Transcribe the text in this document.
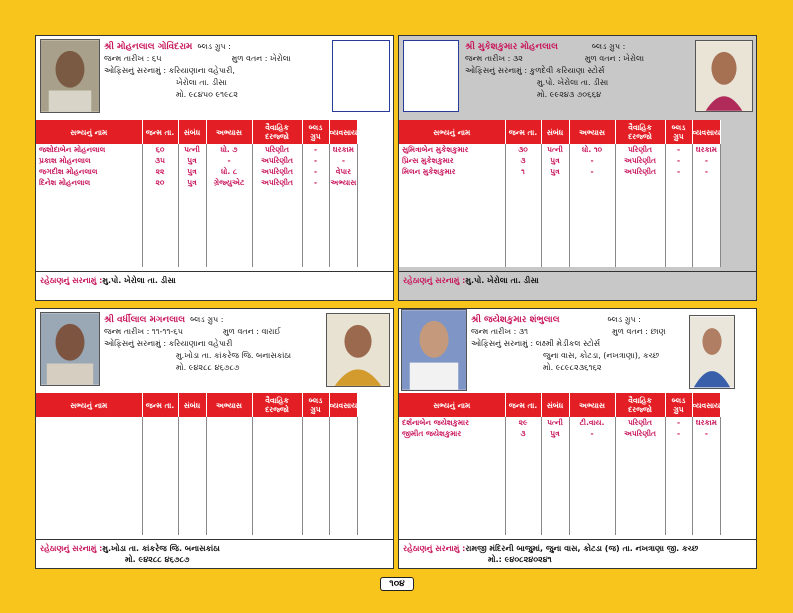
શ્રી મોહનલાલ ગોવિંદરામ બ્લડ ગ્રુપ :
જન્મ તારીખ : ૬૫	મુળ વતન : ખેરોલા
ઓફિસનું સરનામું : કરિયાણાના વહેપારી,
ખેરોલા તા. ડીસા
મો. ૯૮૪૫૦ ૯૧૯૮૨
સભ્યનું નામ	જન્મ તા.	સંબંધ	અભ્યાસ	વૈવાહિક દરજ્જો	બ્લડ ગ્રુપ	વ્યવસાય
જશોદાબેન મોહનલાલ	૬૦	પત્ની	ધો. ૭	પરિણીત	-	ઘરકામ
પ્રકાશ મોહનલાલ	૩૫	પુત્ર	-	અપરિણીત	-	-
જગદીશ મોહનલાલ	૨૨	પુત્ર	ધો. ૮	અપરિણીત	-	વેપાર
દિનેશ મોહનલાલ	૨૦	પુત્ર	ગ્રેજ્યુએટ	અપરિણીત	-	અભ્યાસ

રહેઠાણનું સરનામું :મુ.પો. ખેરોલા તા. ડીસા
શ્રી મુકેશકુમાર મોહનલાલ	બ્લડ ગ્રુપ :
જન્મ તારીખ : ૩૨	મુળ વતન : ખેરોલા
ઓફિસનું સરનામું : કુળદેવી કરિયાણા સ્ટોર્સ
મુ.પો. ખેરોલા તા. ડીસા
મો. ૯૯૨૪૩ ૭૦૬૬૪
સભ્યનું નામ	જન્મ તા.	સંબંધ	અભ્યાસ	વૈવાહિક દરજ્જો	બ્લડ ગ્રુપ	વ્યવસાય
સુમિત્રાબેન મુકેશકુમાર	૩૦	પત્ની	ધો. ૧૦	પરિણીત	-	ઘરકામ
પ્રિન્સ મુકેશકુમાર	૩	પુત્ર	-	અપરિણીત	-	-
મિલન મુકેશકુમાર	૧	પુત્ર	-	અપરિણીત	-	-

રહેઠાણનું સરનામું :મુ.પો. ખેરોલા તા. ડીસા
શ્રી વર્ધીલાલ મગનલાલ બ્લડ ગ્રુપ :
જન્મ તારીખ : ૧૧-૧૧-૬૫	મુળ વતન : વારાઈ
ઓફિસનું સરનામું : કરિયાણાના વહેપારી
મુ.ખોડા તા. કાંકરેજ જિ. બનાસકાંઠા
મો. ૯૪૨૮૮ ૪૬૭૮૭
સભ્યનું નામ	જન્મ તા.	સંબંધ	અભ્યાસ	વૈવાહિક દરજ્જો	બ્લડ ગ્રુપ	વ્યવસાય

રહેઠાણનું સરનામું :મુ.ખોડા તા. કાંકરેજ જિ. બનાસકાંઠા
મો. ૯૪૨૮૮ ૪૬૭૮૭
શ્રી જયેશકુમાર શંભુલાલ	બ્લડ ગ્રુપ :
જન્મ તારીખ : ૩૧	મુળ વતન : છાણ
ઓફિસનું સરનામું : લક્ષ્મી મેડીકલ સ્ટોર્સ
જુના વાસ, કોટડા, (નખત્રાણા), કચ્છ
મો. ૯૮૯૮૨૩૬૧૬૨
સભ્યનું નામ	જન્મ તા.	સંબંધ	અભ્યાસ	વૈવાહિક દરજ્જો	બ્લડ ગ્રુપ	વ્યવસાય
દર્શનાબેન જયેશકુમાર	૨૯	પત્ની	ટી.વાય.	પરિણીત	-	ઘરકામ
જીમીત જયેશકુમાર	૩	પુત્ર	-	અપરિણીત	-	-

રહેઠાણનું સરનામું :રામજી મંદિરની બાજુમાં, જુના વાસ, કોટડા (જ) તા. નખત્રાણા જી. કચ્છ
મો.: ૯૪૦૮૨૪૦૨૪૧
૧૦૪
